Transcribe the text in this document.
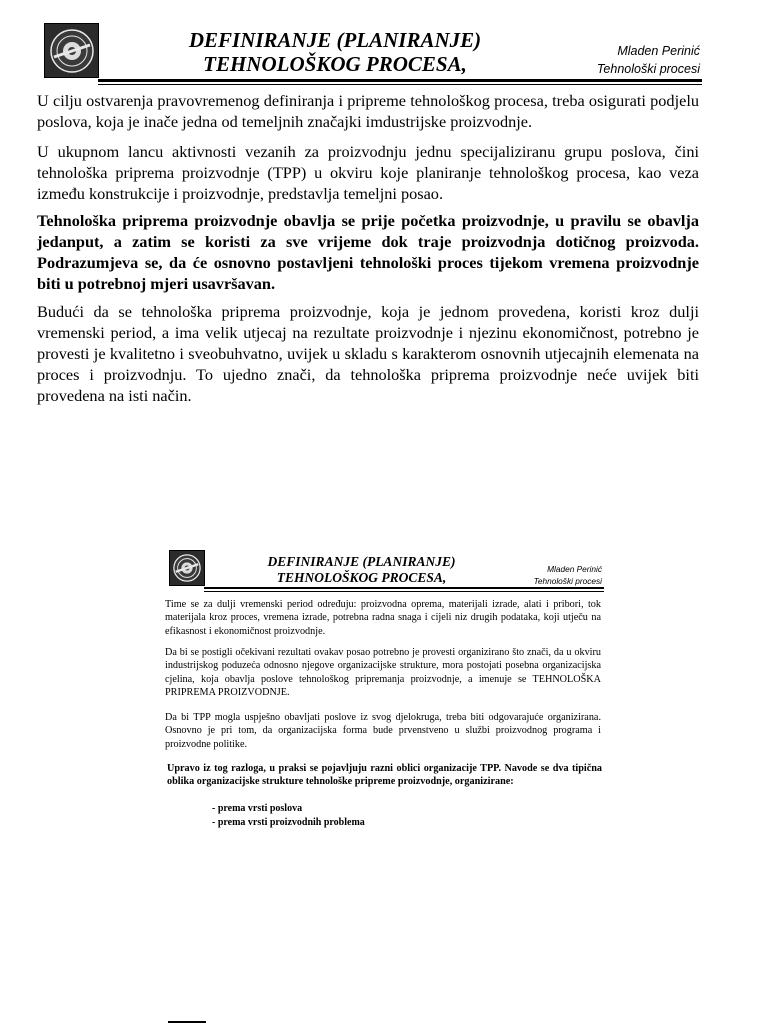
DEFINIRANJE (PLANIRANJE)
TEHNOLOŠKOG PROCESA,
Mladen Perinić
Tehnološki procesi

U cilju ostvarenja pravovremenog definiranja i pripreme tehnološkog procesa, treba osigurati podjelu poslova, koja je inače jedna od temeljnih značajki imdustrijske proizvodnje.

U ukupnom lancu aktivnosti vezanih za proizvodnju jednu specijaliziranu grupu poslova, čini tehnološka priprema proizvodnje (TPP) u okviru koje planiranje tehnološkog procesa, kao veza između konstrukcije i proizvodnje, predstavlja temeljni posao.

Tehnološka priprema proizvodnje obavlja se prije početka proizvodnje, u pravilu se obavlja jedanput, a zatim se koristi za sve vrijeme dok traje proizvodnja dotičnog proizvoda. Podrazumjeva se, da će osnovno postavljeni tehnološki proces tijekom vremena proizvodnje biti u potrebnoj mjeri usavršavan.

Budući da se tehnološka priprema proizvodnje, koja je jednom provedena, koristi kroz dulji vremenski period, a ima velik utjecaj na rezultate proizvodnje i njezinu ekonomičnost, potrebno je provesti je kvalitetno i sveobuhvatno, uvijek u skladu s karakterom osnovnih utjecajnih elemenata na proces i proizvodnju. To ujedno znači, da tehnološka priprema proizvodnje neće uvijek biti provedena na isti način.

DEFINIRANJE (PLANIRANJE)
TEHNOLOŠKOG PROCESA,
Mladen Perinić
Tehnološki procesi

Time se za dulji vremenski period određuju: proizvodna oprema, materijali izrade, alati i pribori, tok materijala kroz proces, vremena izrade, potrebna radna snaga i cijeli niz drugih podataka, koji utječu na efikasnost i ekonomičnost proizvodnje.

Da bi se postigli očekivani rezultati ovakav posao potrebno je provesti organizirano što znači, da u okviru industrijskog poduzeća odnosno njegove organizacijske strukture, mora postojati posebna organizacijska cjelina, koja obavlja poslove tehnološkog pripremanja proizvodnje, a imenuje se TEHNOLOŠKA PRIPREMA PROIZVODNJE.

Da bi TPP mogla uspješno obavljati poslove iz svog djelokruga, treba biti odgovarajuće organizirana. Osnovno je pri tom, da organizacijska forma bude prvenstveno u službi proizvodnog programa i proizvodne politike.

Upravo iz tog razloga, u praksi se pojavljuju razni oblici organizacije TPP. Navode se dva tipična oblika organizacijske strukture tehnološke pripreme proizvodnje, organizirane:

- prema vrsti poslova
- prema vrsti proizvodnih problema
